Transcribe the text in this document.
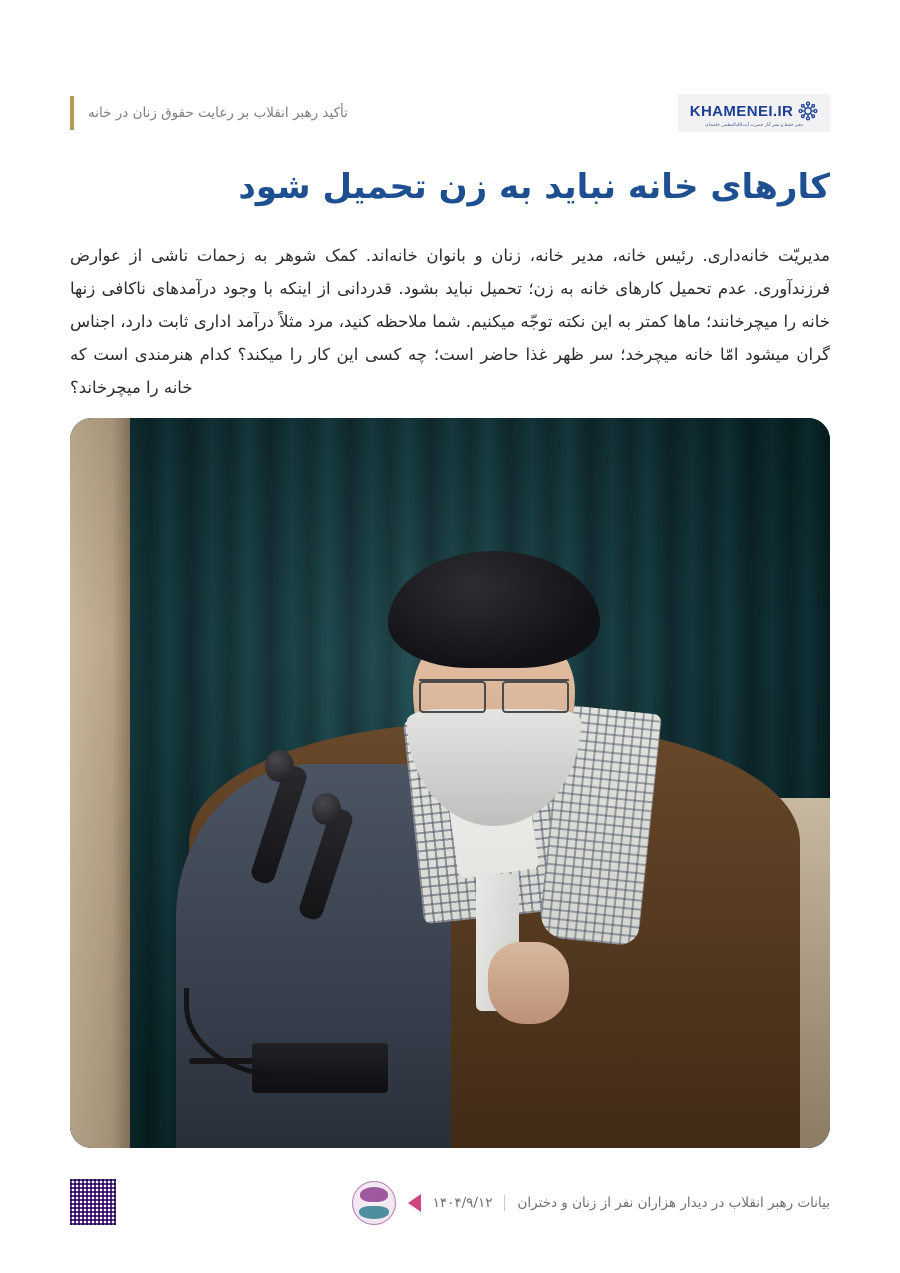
KHAMENEI.IR
دفتر حفظ و نشر آثار حضرت آیت‌الله‌العظمی خامنه‌ای
تأکید رهبر انقلاب بر رعایت حقوق زنان در خانه
کارهای خانه نباید به زن تحمیل شود

مدیریّت خانه‌داری. رئیس خانه، مدیر خانه، زنان و بانوان خانه‌اند. کمک شوهر به زحمات ناشی از عوارض فرزندآوری. عدم تحمیل کارهای خانه به زن؛ تحمیل نباید بشود. قدردانی از اینکه با وجود درآمدهای ناکافی زنها خانه را میچرخانند؛ ماها کمتر به این نکته توجّه میکنیم. شما ملاحظه کنید، مرد مثلاً درآمد اداری ثابت دارد، اجناس گران میشود امّا خانه میچرخد؛ سر ظهر غذا حاضر است؛ چه کسی این کار را میکند؟ کدام هنرمندی است که خانه را میچرخاند؟

بیانات رهبر انقلاب در دیدار هزاران نفر از زنان و دختران
۱۴۰۴/۹/۱۲
